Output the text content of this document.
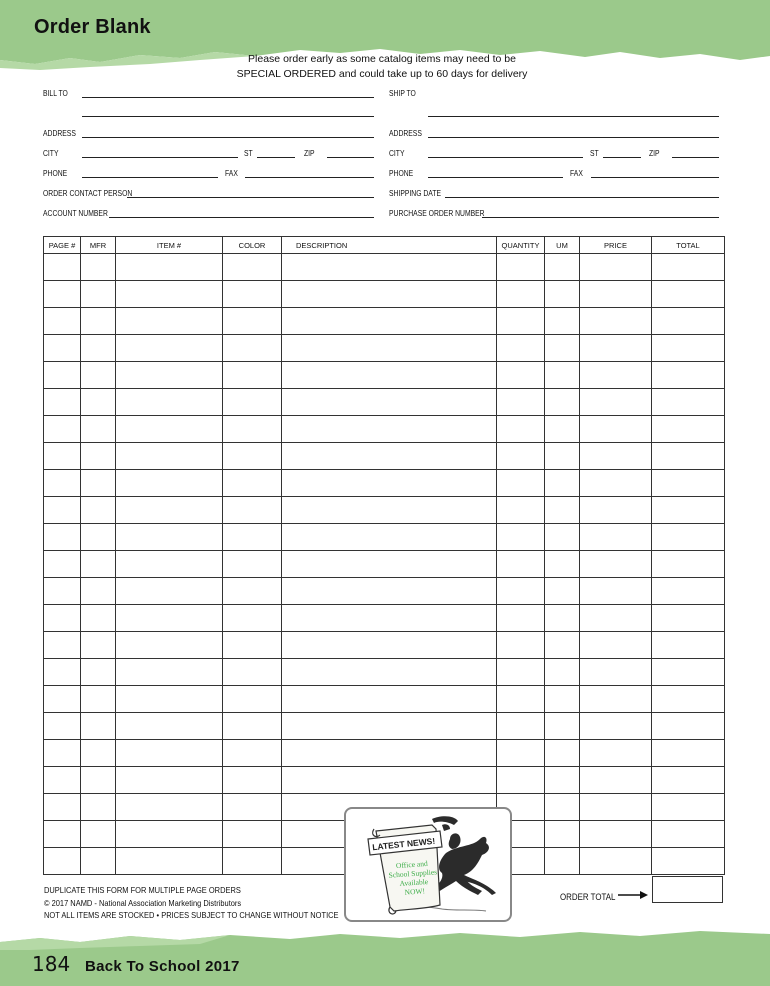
Order Blank
Please order early as some catalog items may need to be
SPECIAL ORDERED and could take up to 60 days for delivery
BILL TO
ADDRESS
CITY	ST	ZIP
PHONE	FAX
ORDER CONTACT PERSON
ACCOUNT NUMBER
SHIP TO
ADDRESS
CITY	ST	ZIP
PHONE	FAX
SHIPPING DATE
PURCHASE ORDER NUMBER
PAGE #	MFR	ITEM #	COLOR	DESCRIPTION	QUANTITY	UM	PRICE	TOTAL

LATEST NEWS!
Office and
School Supplies
Available
NOW!
DUPLICATE THIS FORM FOR MULTIPLE PAGE ORDERS
© 2017 NAMD - National Association Marketing Distributors
NOT ALL ITEMS ARE STOCKED • PRICES SUBJECT TO CHANGE WITHOUT NOTICE
ORDER TOTAL
184 Back To School 2017
